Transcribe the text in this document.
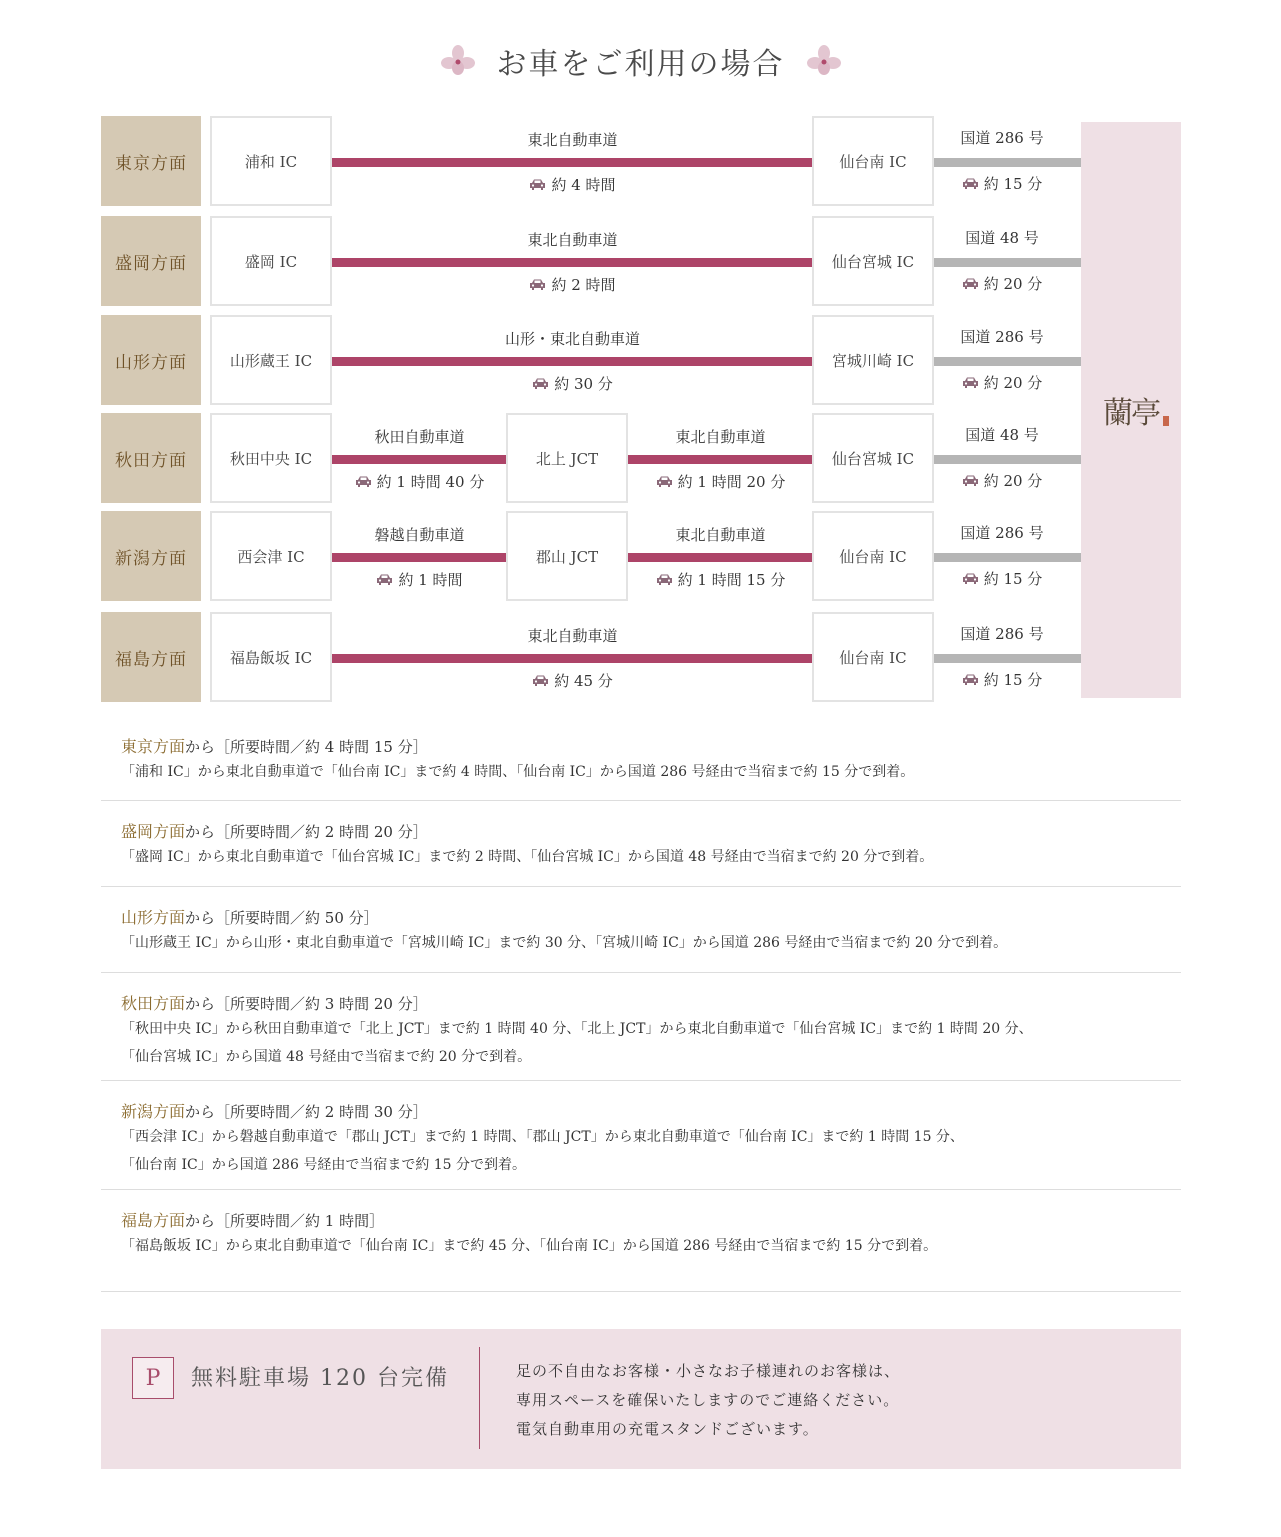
お車をご利用の場合
蘭亭
東京方面	浦和 IC
東北自動車道
約 4 時間
仙台南 IC
国道 286 号
約 15 分
盛岡方面	盛岡 IC
東北自動車道
約 2 時間
仙台宮城 IC
国道 48 号
約 20 分
山形方面	山形蔵王 IC
山形・東北自動車道
約 30 分
宮城川崎 IC
国道 286 号
約 20 分
秋田方面	秋田中央 IC
秋田自動車道
約 1 時間 40 分
北上 JCT
東北自動車道
約 1 時間 20 分
仙台宮城 IC
国道 48 号
約 20 分
新潟方面	西会津 IC
磐越自動車道
約 1 時間
郡山 JCT
東北自動車道
約 1 時間 15 分
仙台南 IC
国道 286 号
約 15 分
福島方面	福島飯坂 IC
東北自動車道
約 45 分
仙台南 IC
国道 286 号
約 15 分
東京方面から［所要時間／約 4 時間 15 分］
「浦和 IC」から東北自動車道で「仙台南 IC」まで約 4 時間、「仙台南 IC」から国道 286 号経由で当宿まで約 15 分で到着。
盛岡方面から［所要時間／約 2 時間 20 分］
「盛岡 IC」から東北自動車道で「仙台宮城 IC」まで約 2 時間、「仙台宮城 IC」から国道 48 号経由で当宿まで約 20 分で到着。
山形方面から［所要時間／約 50 分］
「山形蔵王 IC」から山形・東北自動車道で「宮城川崎 IC」まで約 30 分、「宮城川崎 IC」から国道 286 号経由で当宿まで約 20 分で到着。
秋田方面から［所要時間／約 3 時間 20 分］
「秋田中央 IC」から秋田自動車道で「北上 JCT」まで約 1 時間 40 分、「北上 JCT」から東北自動車道で「仙台宮城 IC」まで約 1 時間 20 分、
「仙台宮城 IC」から国道 48 号経由で当宿まで約 20 分で到着。
新潟方面から［所要時間／約 2 時間 30 分］
「西会津 IC」から磐越自動車道で「郡山 JCT」まで約 1 時間、「郡山 JCT」から東北自動車道で「仙台南 IC」まで約 1 時間 15 分、
「仙台南 IC」から国道 286 号経由で当宿まで約 15 分で到着。
福島方面から［所要時間／約 1 時間］
「福島飯坂 IC」から東北自動車道で「仙台南 IC」まで約 45 分、「仙台南 IC」から国道 286 号経由で当宿まで約 15 分で到着。
P	無料駐車場 120 台完備	足の不自由なお客様・小さなお子様連れのお客様は、
専用スペースを確保いたしますのでご連絡ください。
電気自動車用の充電スタンドございます。
